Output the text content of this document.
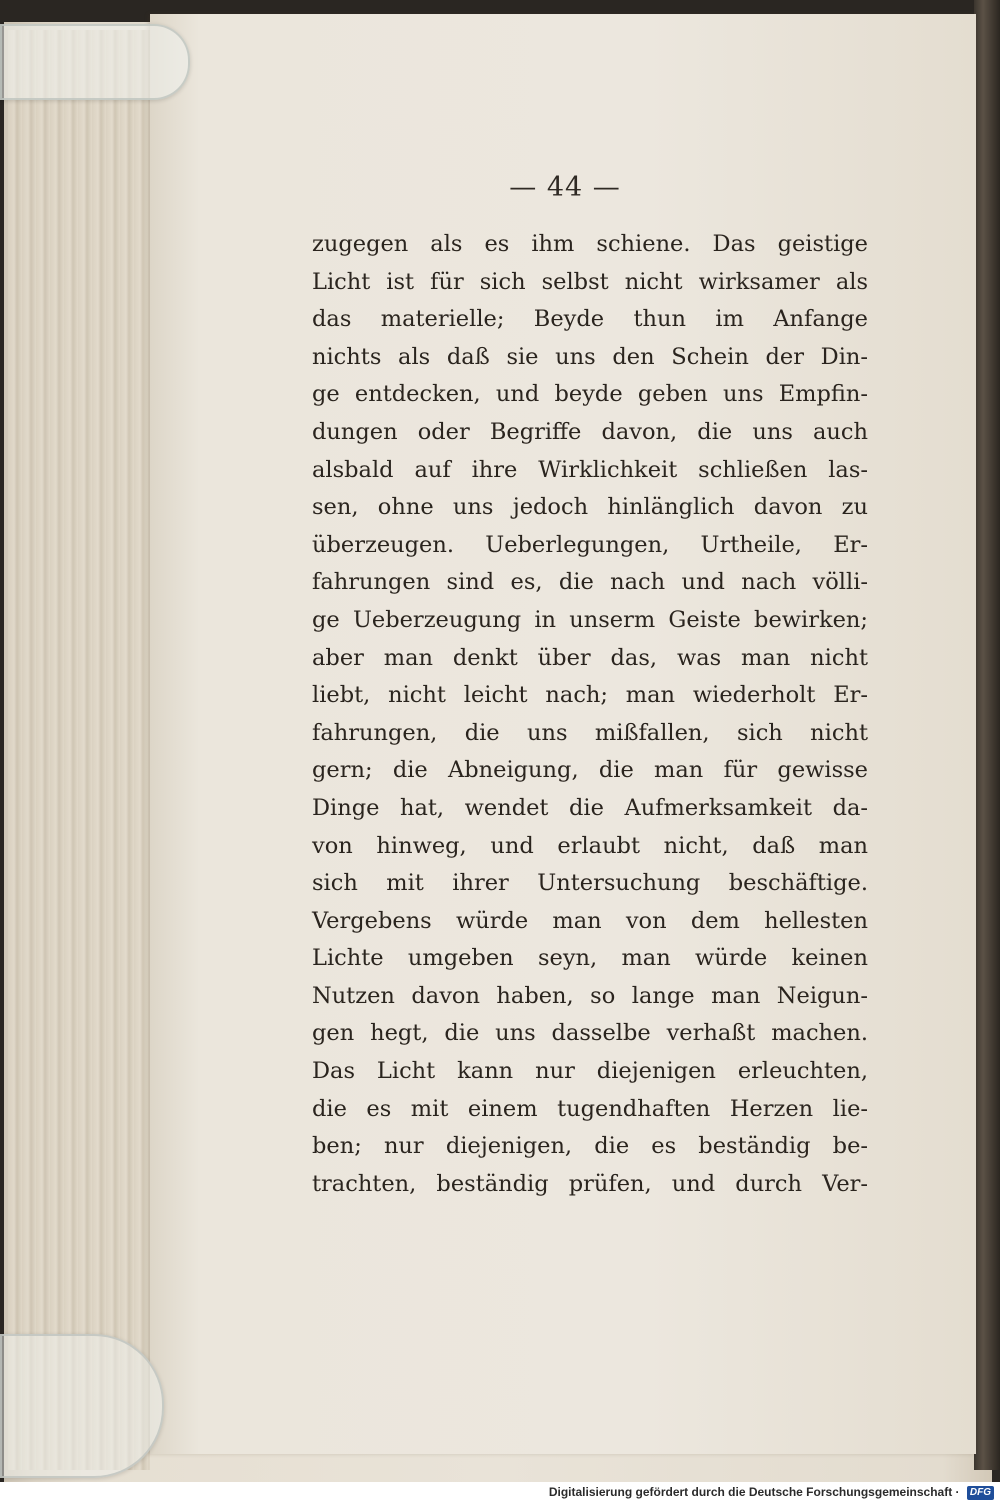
— 44 —
zugegen als es ihm schiene. Das geistige
Licht ist für sich selbst nicht wirksamer als
das materielle; Beyde thun im Anfange
nichts als daß sie uns den Schein der Din-
ge entdecken, und beyde geben uns Empfin-
dungen oder Begriffe davon, die uns auch
alsbald auf ihre Wirklichkeit schließen las-
sen, ohne uns jedoch hinlänglich davon zu
überzeugen. Ueberlegungen, Urtheile, Er-
fahrungen sind es, die nach und nach völli-
ge Ueberzeugung in unserm Geiste bewirken;
aber man denkt über das, was man nicht
liebt, nicht leicht nach; man wiederholt Er-
fahrungen, die uns mißfallen, sich nicht
gern; die Abneigung, die man für gewisse
Dinge hat, wendet die Aufmerksamkeit da-
von hinweg, und erlaubt nicht, daß man
sich mit ihrer Untersuchung beschäftige.
Vergebens würde man von dem hellesten
Lichte umgeben seyn, man würde keinen
Nutzen davon haben, so lange man Neigun-
gen hegt, die uns dasselbe verhaßt machen.
Das Licht kann nur diejenigen erleuchten,
die es mit einem tugendhaften Herzen lie-
ben; nur diejenigen, die es beständig be-
trachten, beständig prüfen, und durch Ver-
Digitalisierung gefördert durch die Deutsche Forschungsgemeinschaft · DFG
